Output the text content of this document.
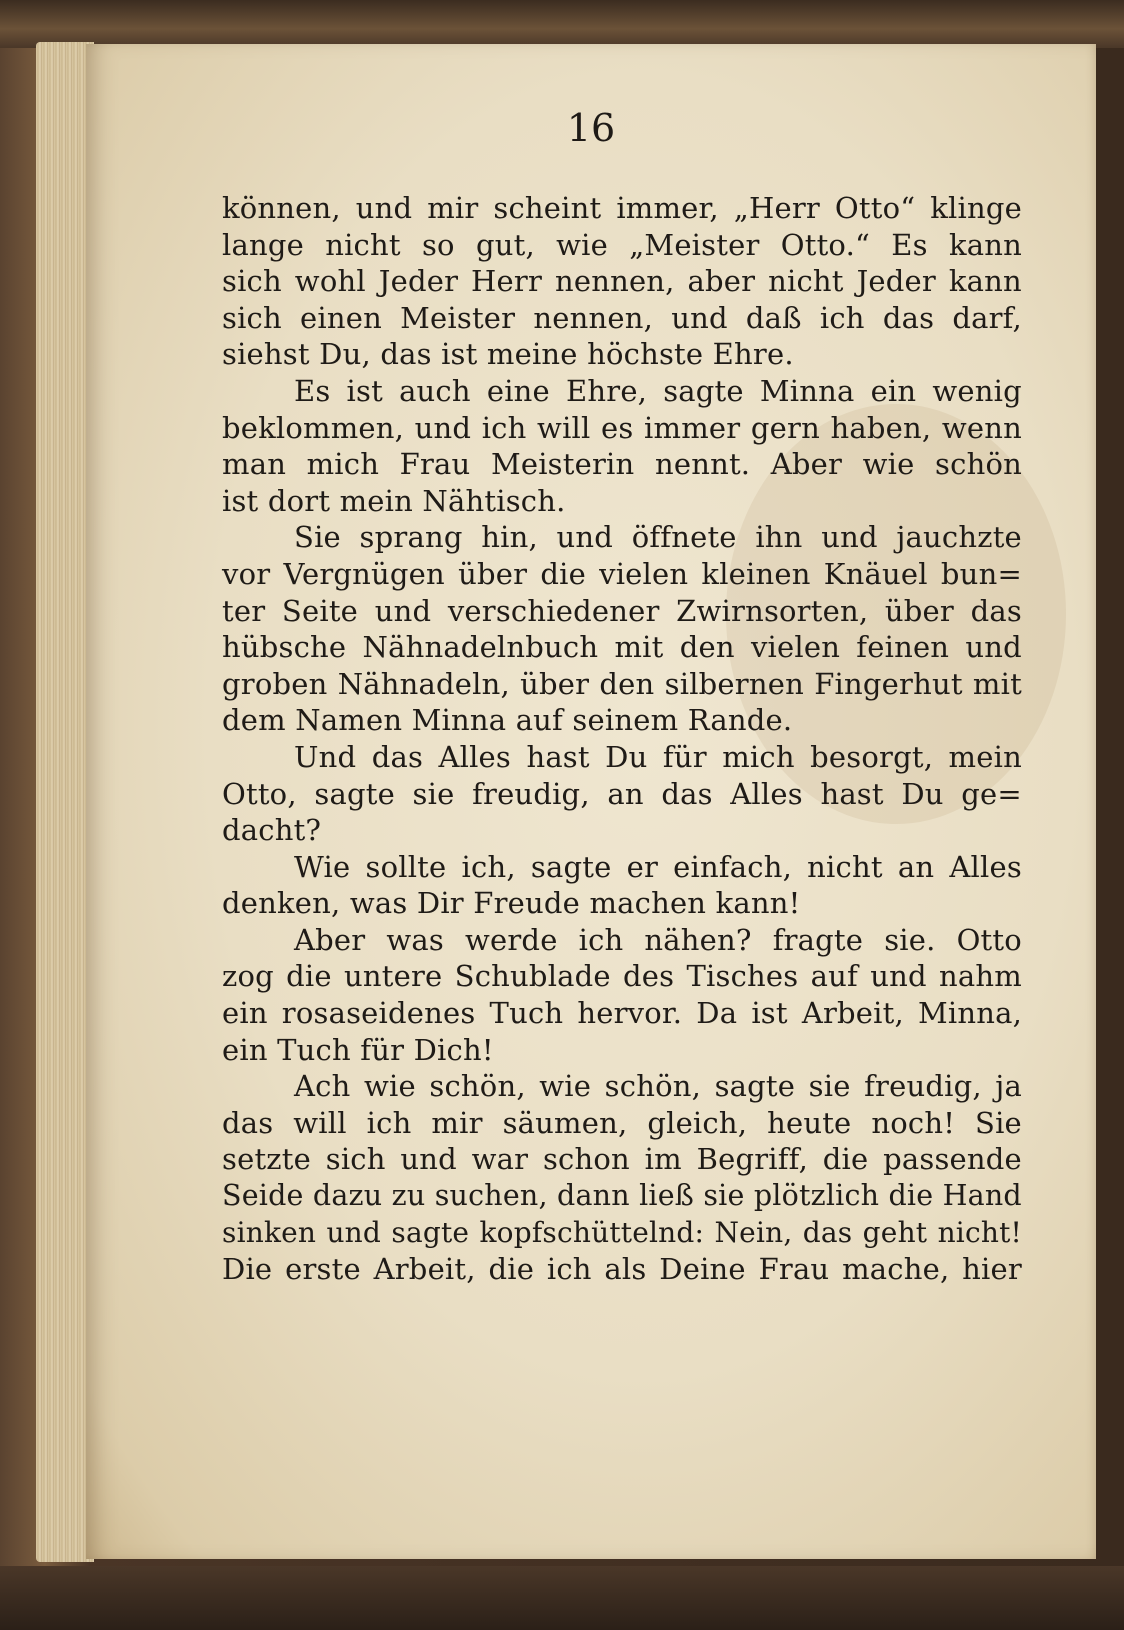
16
können, und mir scheint immer, „Herr Otto“ klinge
lange nicht so gut, wie „Meister Otto.“ Es kann
sich wohl Jeder Herr nennen, aber nicht Jeder kann
sich einen Meister nennen, und daß ich das darf,
siehst Du, das ist meine höchste Ehre.
Es ist auch eine Ehre, sagte Minna ein wenig
beklommen, und ich will es immer gern haben, wenn
man mich Frau Meisterin nennt. Aber wie schön
ist dort mein Nähtisch.
Sie sprang hin, und öffnete ihn und jauchzte
vor Vergnügen über die vielen kleinen Knäuel bun=
ter Seite und verschiedener Zwirnsorten, über das
hübsche Nähnadelnbuch mit den vielen feinen und
groben Nähnadeln, über den silbernen Fingerhut mit
dem Namen Minna auf seinem Rande.
Und das Alles hast Du für mich besorgt, mein
Otto, sagte sie freudig, an das Alles hast Du ge=
dacht?
Wie sollte ich, sagte er einfach, nicht an Alles
denken, was Dir Freude machen kann!
Aber was werde ich nähen? fragte sie. Otto
zog die untere Schublade des Tisches auf und nahm
ein rosaseidenes Tuch hervor. Da ist Arbeit, Minna,
ein Tuch für Dich!
Ach wie schön, wie schön, sagte sie freudig, ja
das will ich mir säumen, gleich, heute noch! Sie
setzte sich und war schon im Begriff, die passende
Seide dazu zu suchen, dann ließ sie plötzlich die Hand
sinken und sagte kopfschüttelnd: Nein, das geht nicht!
Die erste Arbeit, die ich als Deine Frau mache, hier
